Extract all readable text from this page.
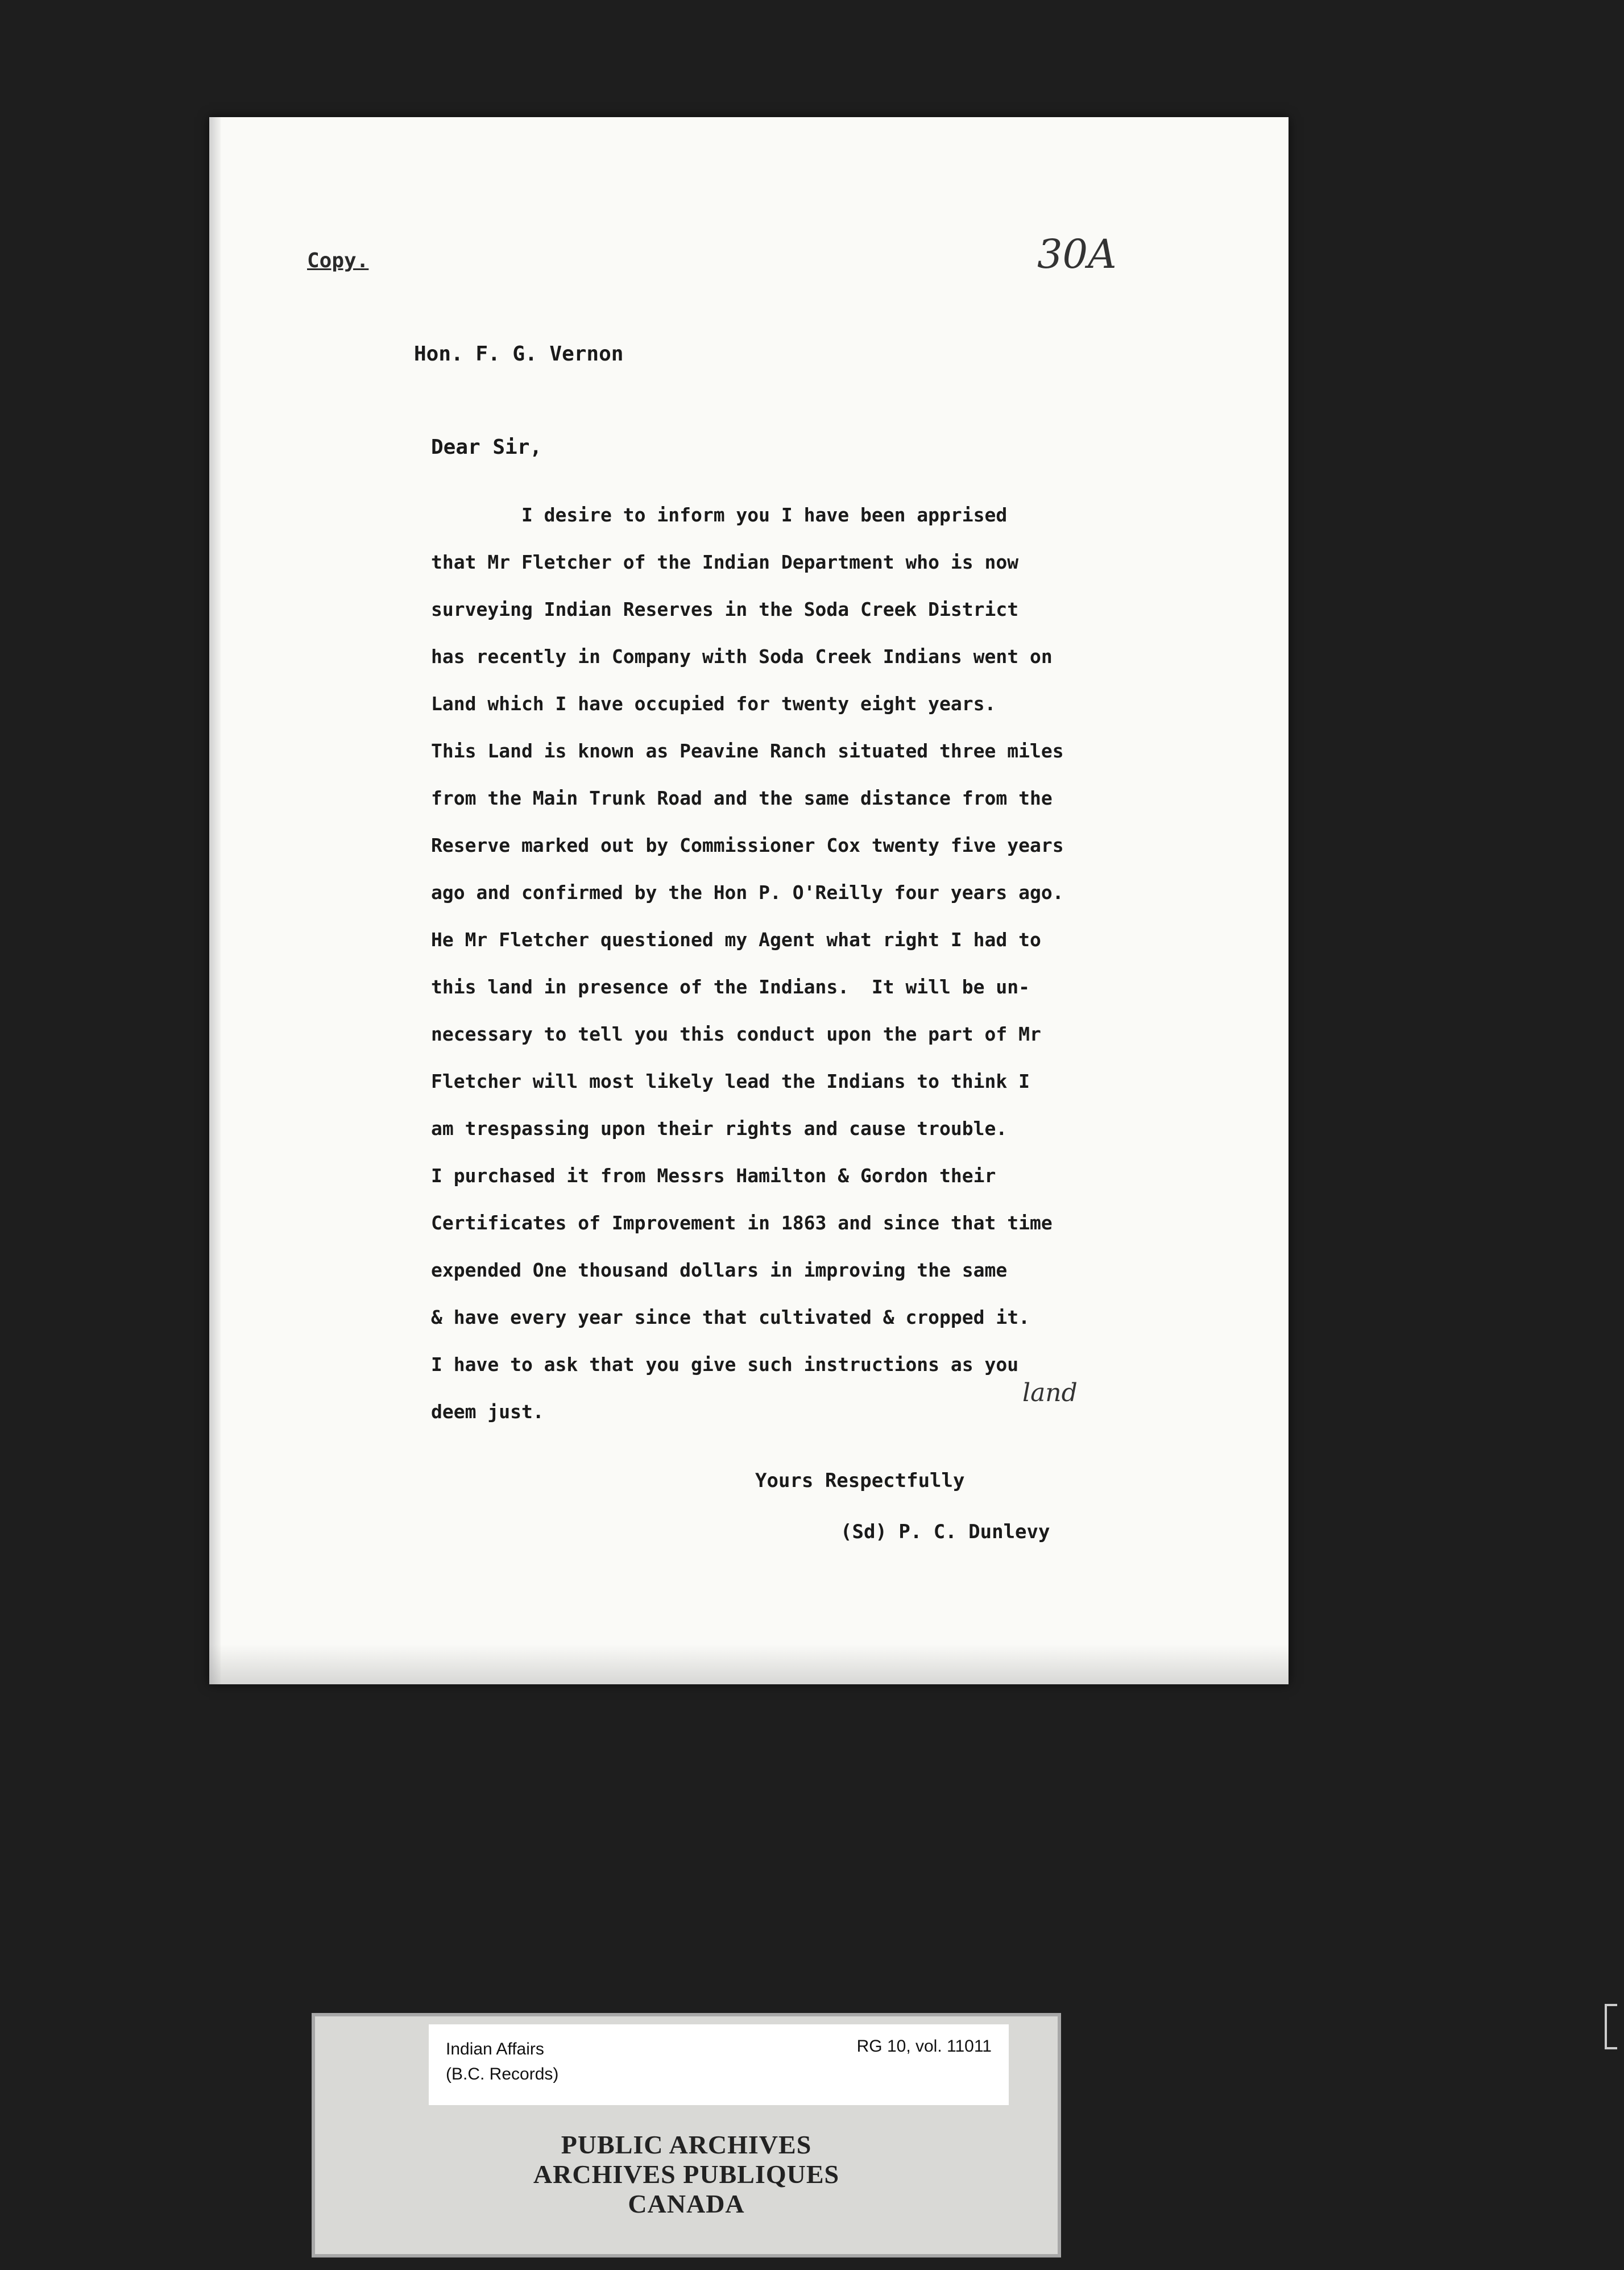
Copy.	30A
Hon. F. G. Vernon
Dear Sir,
I desire to inform you I have been apprised
that Mr Fletcher of the Indian Department who is now
surveying Indian Reserves in the Soda Creek District
has recently in Company with Soda Creek Indians went on
Land which I have occupied for twenty eight years.
This Land is known as Peavine Ranch situated three miles
from the Main Trunk Road and the same distance from the
Reserve marked out by Commissioner Cox twenty five years
ago and confirmed by the Hon P. O'Reilly four years ago.
He Mr Fletcher questioned my Agent what right I had to
this land in presence of the Indians.  It will be un-
necessary to tell you this conduct upon the part of Mr
Fletcher will most likely lead the Indians to think I
am trespassing upon their rights and cause trouble.
I purchased it from Messrs Hamilton & Gordon their
Certificates of Improvement in 1863 and since that time
expended One thousand dollars in improving the same
& have every year since that cultivated & cropped it.
I have to ask that you give such instructions as you
deem just.
land
Yours Respectfully
(Sd) P. C. Dunlevy
Indian Affairs
(B.C. Records)
RG 10, vol. 11011
PUBLIC ARCHIVES
ARCHIVES PUBLIQUES
CANADA
